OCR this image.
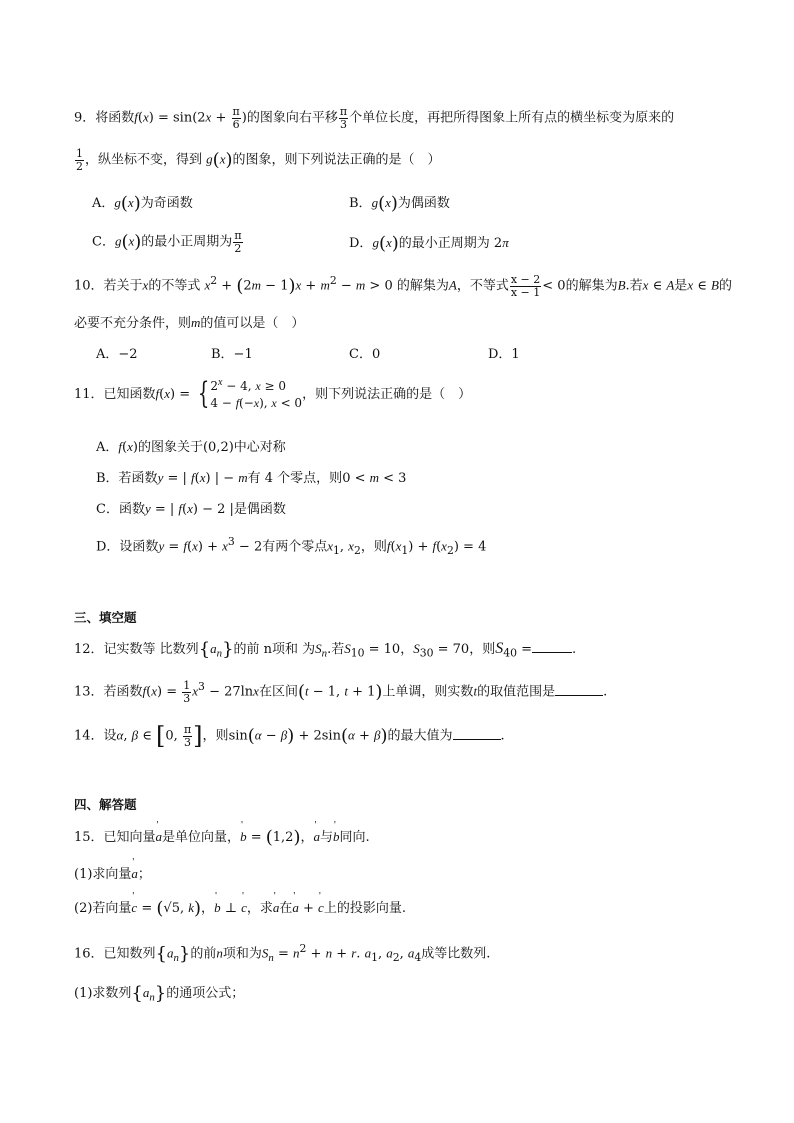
9．将函数$f(x) = \sin(2x + \frac{\pi}{6}$ )的图象向右平移 $\frac{\pi}{3}$ 个单位长度，再把所得图象上所有点的横坐标变为原来的
$\frac{1}{2}$ ，纵坐标不变，得到 g(x)的图象，则下列说法正确的是（　）
A．g(x)为奇函数	B．g(x)为偶函数
C．g(x)的最小正周期为 $\frac{\pi}{2}$	D．g(x)的最小正周期为 2π
10．若关于x的不等式 $x^2 + (2m - 1)x + m^2 - m > 0$ 的解集为A，不等式 $\frac{x - 2}{x - 1} < 0$的解集为B.若x ∈ A是x ∈ B的
必要不充分条件，则m的值可以是（　）
A．−2	B．−1	C．0	D．1
11．已知函数f(x) = { $2^x - 4$, x ≥ 0
4 − f(−x), x < 0
，则下列说法正确的是（　）
A．f(x)的图象关于(0,2)中心对称
B．若函数y = | f(x) | − m有 4 个零点，则0 < m < 3
C．函数y = | f(x) − 2 |是偶函数
D．设函数$y = f(x) + x^3 - 2$有两个零点$x_1$, $x_2$，则$f(x_1) + f(x_2) = 4$
三、填空题
12．记实数等 比数列$\{a_n\}$的前 n项和 为$S_n$.若$S_{10} = 10$，$S_{30} = 70$，则$S_{40}$ =	.
13．若函数$f(x) = \frac{1}{3} x^3 - 27\ln x$在区间(t − 1, t + 1)上单调，则实数t的取值范围是	.
14．设α, β ∈ [0, $\frac{\pi}{3}$ ]，则sin(α − β) + 2sin(α + β)的最大值为	.
四、解答题
15．已知向量' a是单位向量，' b = (1,2)，' a与' b同向.
(1)求向量' a；
(2)若向量' c = (√5, k)，' b ⊥ ' c，求' a在' a + ' c上的投影向量.
16．已知数列$\{a_n\}$的前n项和为$S_n = n^2 + n + r$. $a_1$, $a_2$, $a_4$成等比数列.
(1)求数列$\{a_n\}$的通项公式；
